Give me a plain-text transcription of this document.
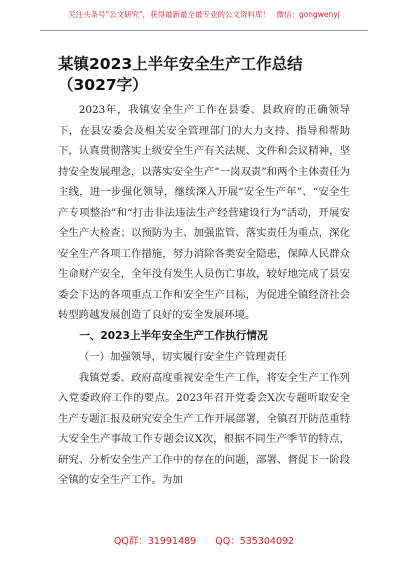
关注头条号"公文研究"，获得最新最全最专业的公文资料库！ 微信：gongwenyj
某镇2023上半年安全生产工作总结（3027字）

2023年，我镇安全生产工作在县委、县政府的正确领导下，在县安委会及相关安全管理部门的大力支持、指导和帮助下，认真贯彻落实上级安全生产有关法规、文件和会议精神，坚持安全发展理念，以落实安全生产“一岗双责”和两个主体责任为主线，进一步强化领导，继续深入开展“安全生产年”、“安全生产专项整治”和“打击非法违法生产经营建设行为”活动，开展安全生产大检查；以预防为主、加强监管、落实责任为重点，深化安全生产各项工作措施，努力消除各类安全隐患，保障人民群众生命财产安全，全年没有发生人员伤亡事故，较好地完成了县安委会下达的各项重点工作和安全生产目标，为促进全镇经济社会转型跨越发展创造了良好的安全发展环境。

一、2023上半年安全生产工作执行情况

（一）加强领导，切实履行安全生产管理责任

我镇党委、政府高度重视安全生产工作，将安全生产工作列入党委政府工作的要点。2023年召开党委会X次专题听取安全生产专题汇报及研究安全生产工作开展部署，全镇召开防范重特大安全生产事故工作专题会议X次，根据不同生产季节的特点，研究、分析安全生产工作中的存在的问题，部署、督促下一阶段全镇的安全生产工作。为加

QQ群：31991489 QQ：535304092
